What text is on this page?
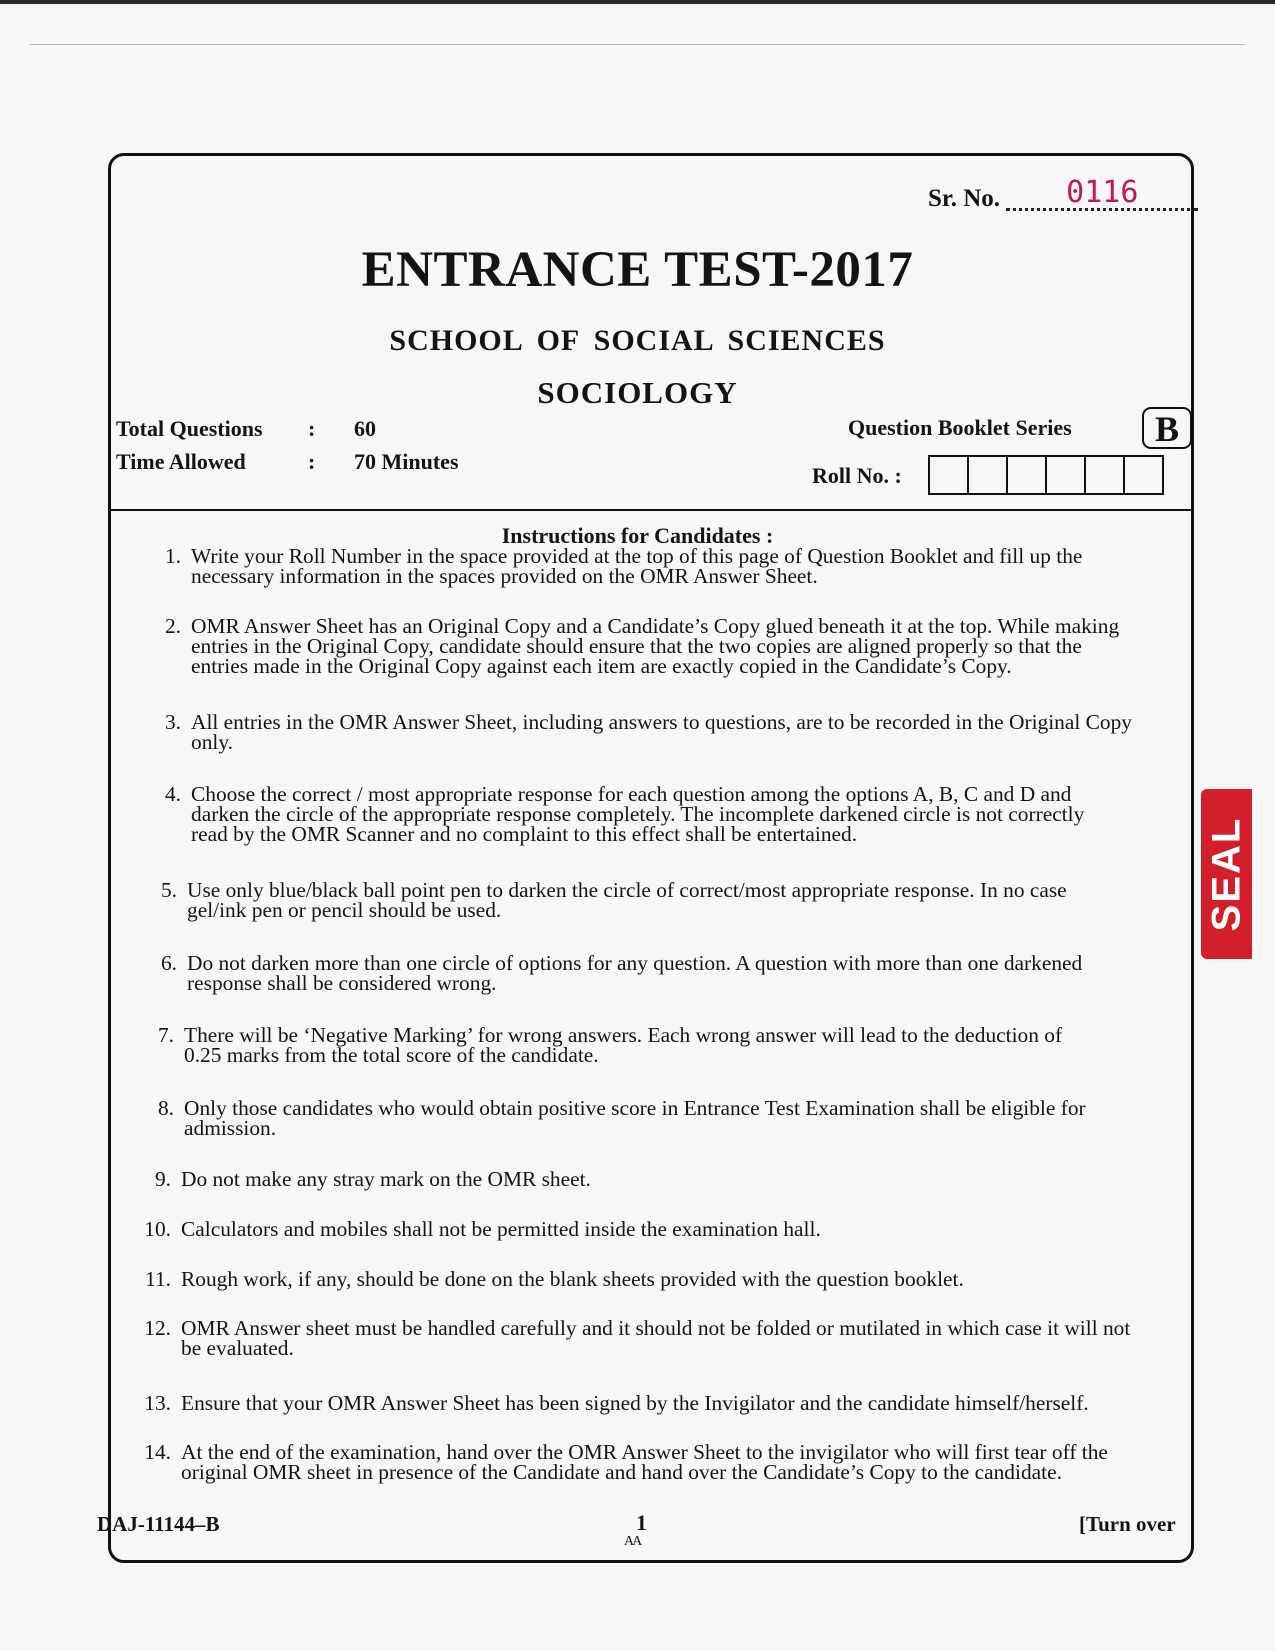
Sr. No. 0116
ENTRANCE TEST-2017
SCHOOL OF SOCIAL SCIENCES
SOCIOLOGY
Total Questions : 60
Time Allowed	: 70 Minutes
Question Booklet Series	B
Roll No. :
Instructions for Candidates :
1. Write your Roll Number in the space provided at the top of this page of Question Booklet and fill up the
necessary information in the spaces provided on the OMR Answer Sheet.
2. OMR Answer Sheet has an Original Copy and a Candidate’s Copy glued beneath it at the top. While making
entries in the Original Copy, candidate should ensure that the two copies are aligned properly so that the
entries made in the Original Copy against each item are exactly copied in the Candidate’s Copy.
3. All entries in the OMR Answer Sheet, including answers to questions, are to be recorded in the Original Copy
only.
4. Choose the correct / most appropriate response for each question among the options A, B, C and D and
darken the circle of the appropriate response completely. The incomplete darkened circle is not correctly
read by the OMR Scanner and no complaint to this effect shall be entertained.
5. Use only blue/black ball point pen to darken the circle of correct/most appropriate response. In no case
gel/ink pen or pencil should be used.
6. Do not darken more than one circle of options for any question. A question with more than one darkened
response shall be considered wrong.
7. There will be ‘Negative Marking’ for wrong answers. Each wrong answer will lead to the deduction of
0.25 marks from the total score of the candidate.
8. Only those candidates who would obtain positive score in Entrance Test Examination shall be eligible for
admission.
9. Do not make any stray mark on the OMR sheet.
10. Calculators and mobiles shall not be permitted inside the examination hall.
11. Rough work, if any, should be done on the blank sheets provided with the question booklet.
12. OMR Answer sheet must be handled carefully and it should not be folded or mutilated in which case it will not
be evaluated.
13. Ensure that your OMR Answer Sheet has been signed by the Invigilator and the candidate himself/herself.
14. At the end of the examination, hand over the OMR Answer Sheet to the invigilator who will first tear off the
original OMR sheet in presence of the Candidate and hand over the Candidate’s Copy to the candidate.
SEAL
DAJ-11144–B	1
AA
[Turn over
